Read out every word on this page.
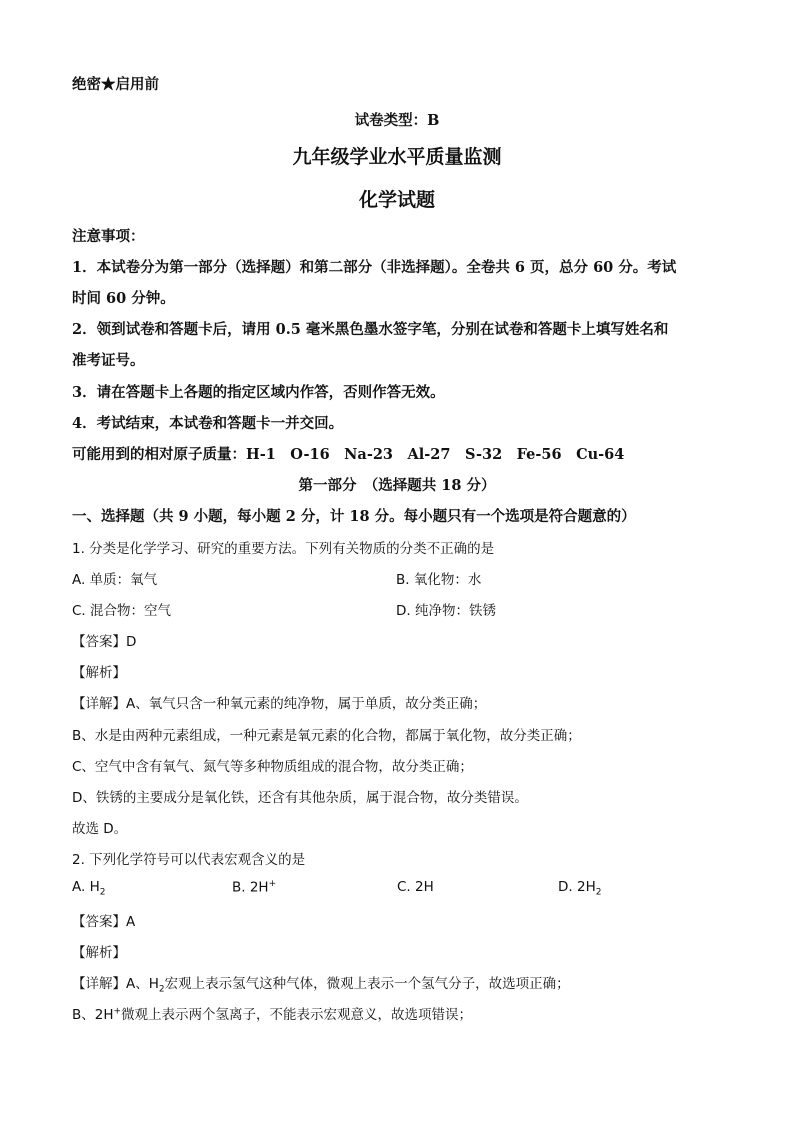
绝密★启用前
试卷类型：B
九年级学业水平质量监测
化学试题
注意事项：
1．本试卷分为第一部分（选择题）和第二部分（非选择题）。全卷共 6 页，总分 60 分。考试
时间 60 分钟。
2．领到试卷和答题卡后，请用 0.5 毫米黑色墨水签字笔，分别在试卷和答题卡上填写姓名和
准考证号。
3．请在答题卡上各题的指定区域内作答，否则作答无效。
4．考试结束，本试卷和答题卡一并交回。
可能用到的相对原子质量：H-1　O-16　Na-23　Al-27　S-32　Fe-56　Cu-64
第一部分　（选择题共 18 分）
一、选择题（共 9 小题，每小题 2 分，计 18 分。每小题只有一个选项是符合题意的）
1. 分类是化学学习、研究的重要方法。下列有关物质的分类不正确的是
A. 单质：氧气	B. 氧化物：水
C. 混合物：空气	D. 纯净物：铁锈
【答案】D
【解析】
【详解】A、氧气只含一种氧元素的纯净物，属于单质，故分类正确；
B、水是由两种元素组成，一种元素是氧元素的化合物，都属于氧化物，故分类正确；
C、空气中含有氧气、氮气等多种物质组成的混合物，故分类正确；
D、铁锈的主要成分是氧化铁，还含有其他杂质，属于混合物，故分类错误。
故选 D。
2. 下列化学符号可以代表宏观含义的是
A. $H_2$	B. 2H+	C. 2H	D. $2H_2$
【答案】A
【解析】
【详解】A、$H_2$宏观上表示氢气这种气体，微观上表示一个氢气分子，故选项正确；
B、2H+微观上表示两个氢离子，不能表示宏观意义，故选项错误；
